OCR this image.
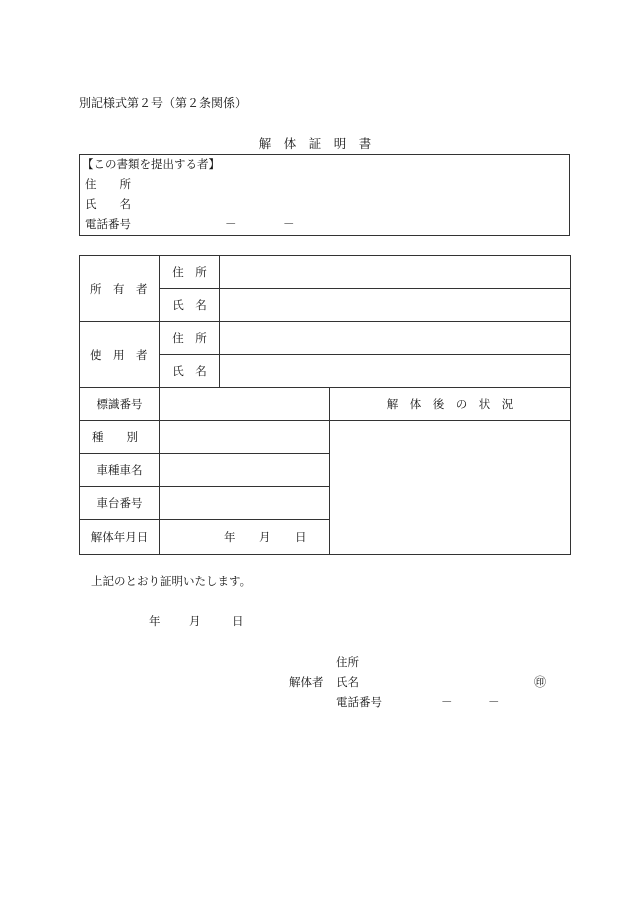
別記様式第２号（第２条関係）
解　体　証　明　書
【この書類を提出する者】
住　　所
氏　　名
電話番号	－	－
所　有　者	住　所		
	氏　名		

使　用　者	住　所		
	氏　名		
標識番号			解　体　後　の　状　況

種　　別			

車種車名			
車台番号			
解体年月日	年 月 日		
上記のとおり証明いたします。
年 月	日
住所
解体者 氏名	㊞
電話番号	－	－
